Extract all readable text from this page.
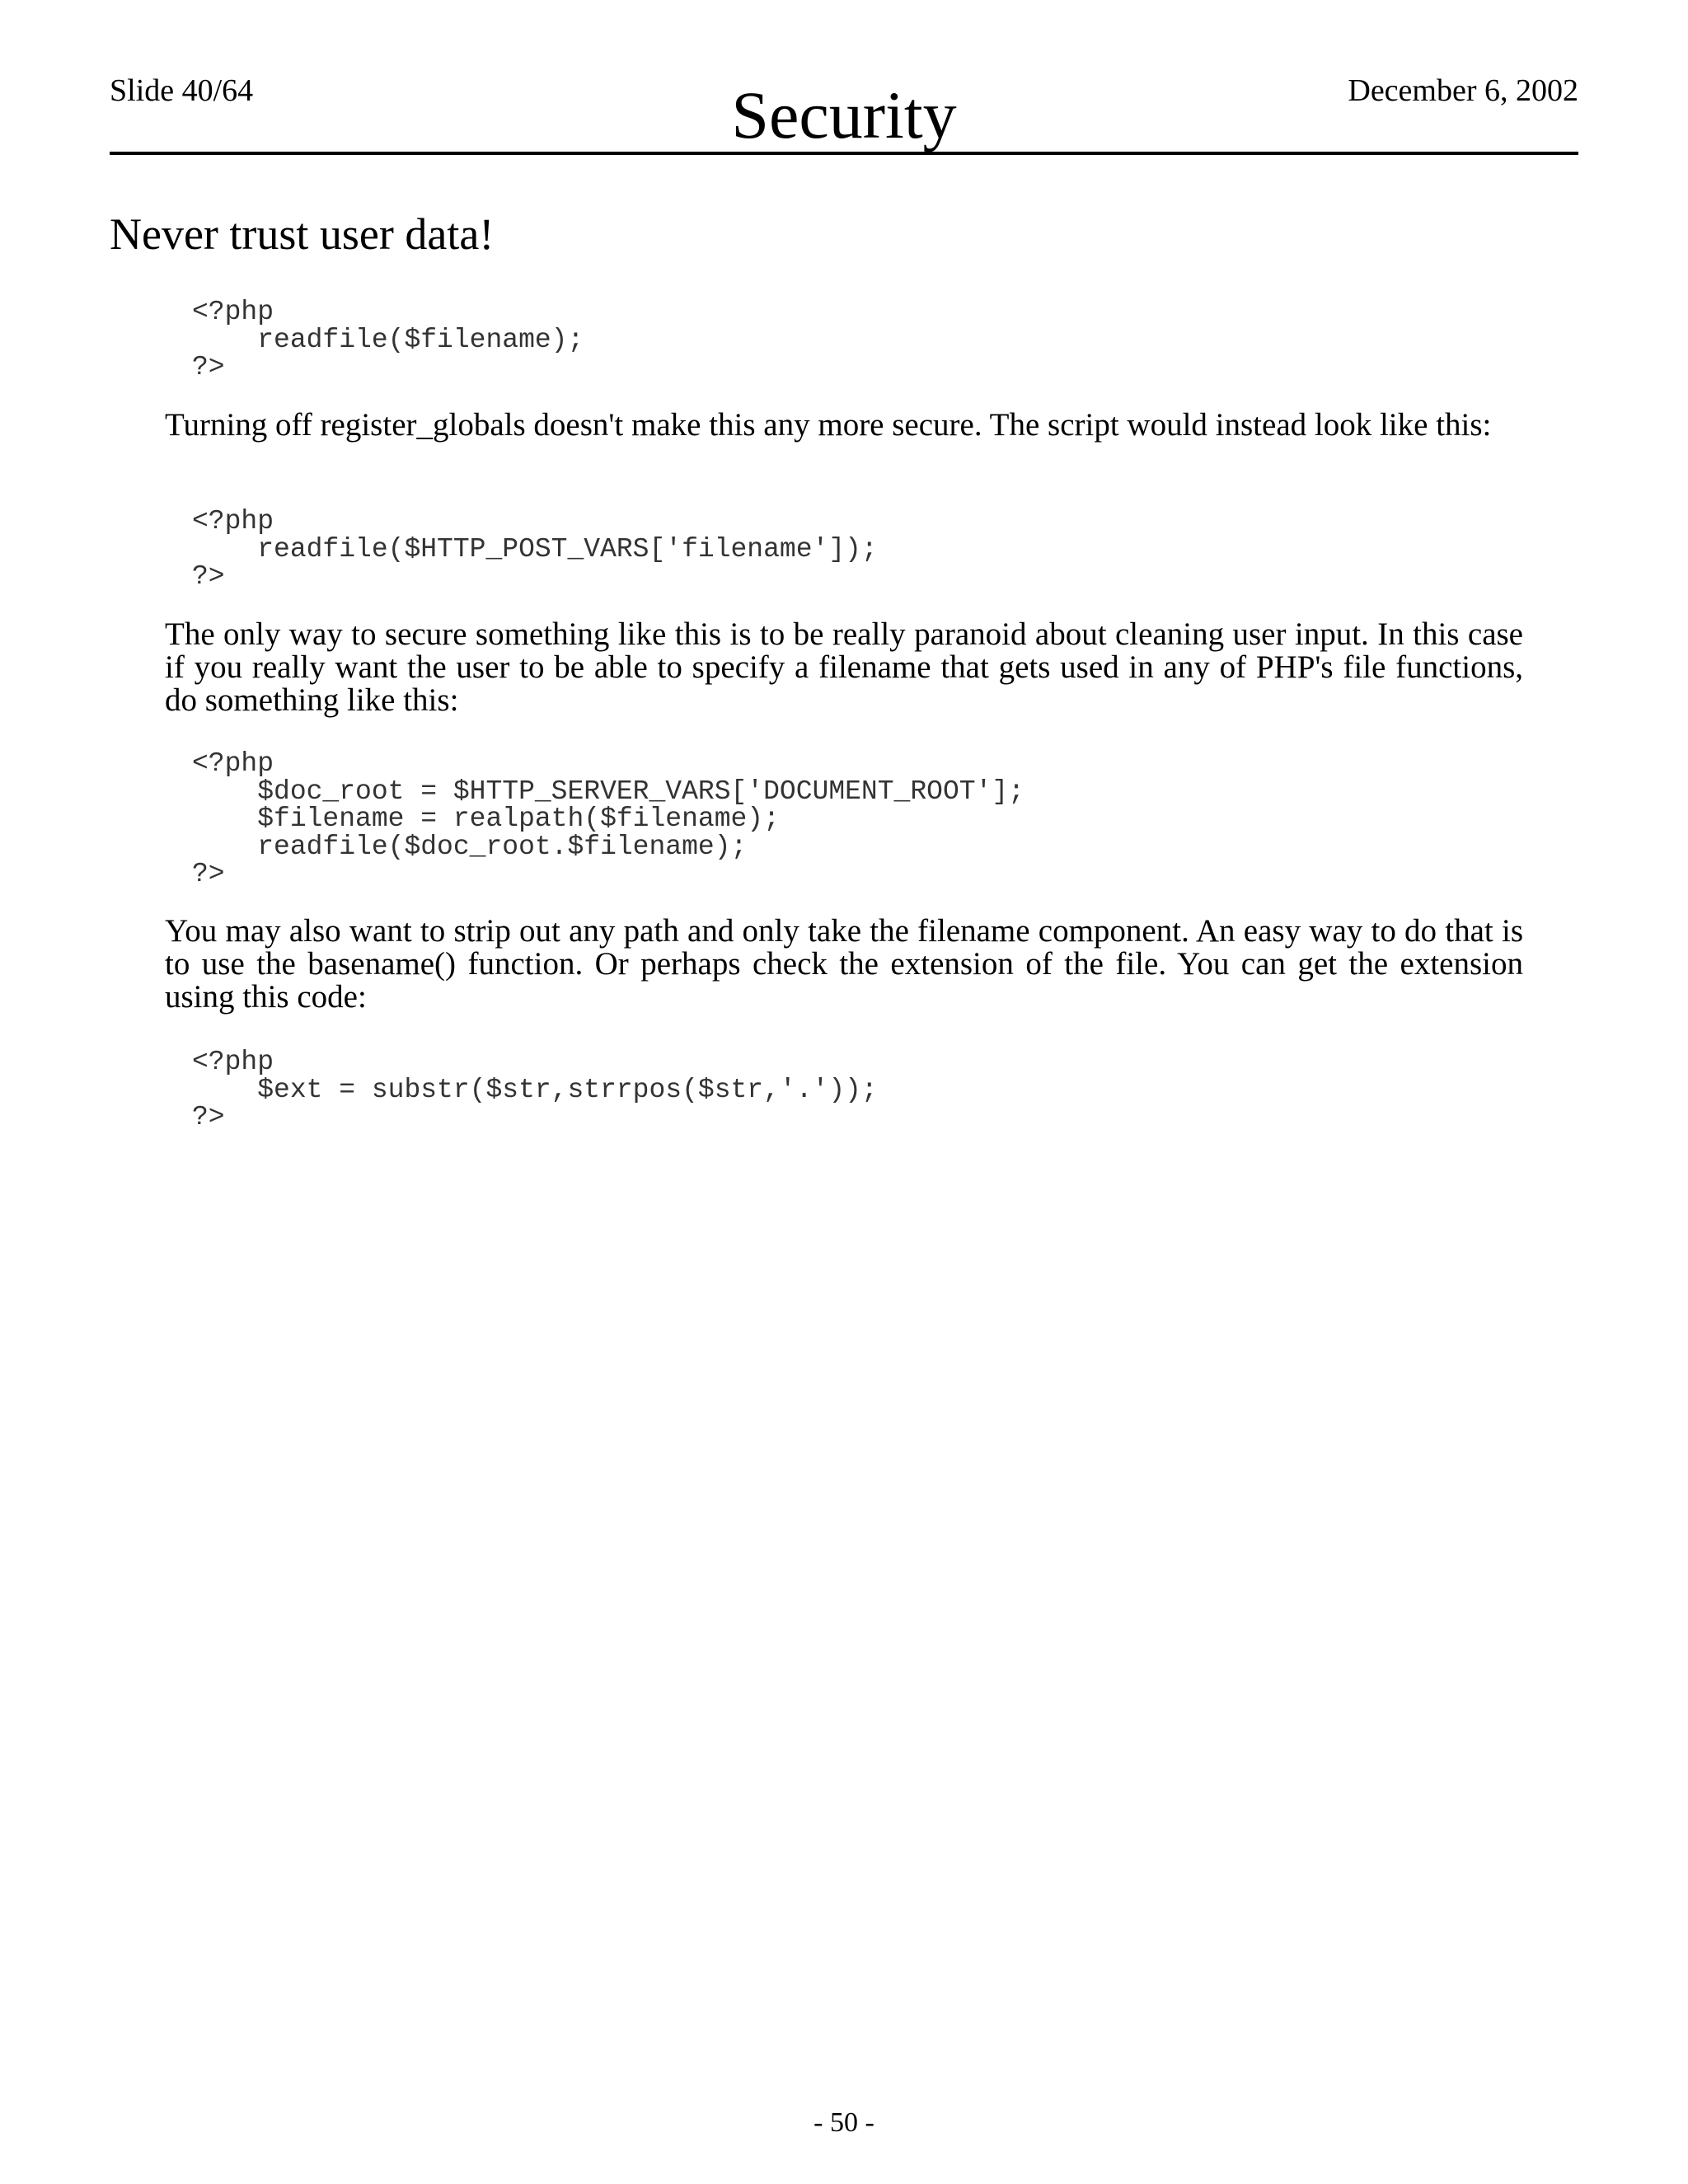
Slide 40/64	Security	December 6, 2002
Never trust user data!
<?php
readfile($filename);
?>

Turning off register_globals doesn't make this any more secure. The script would instead look like this:

<?php
readfile($HTTP_POST_VARS['filename']);
?>

The only way to secure something like this is to be really paranoid about cleaning user input. In this case if you really want the user to be able to specify a filename that gets used in any of PHP's file functions, do something like this:

<?php
$doc_root = $HTTP_SERVER_VARS['DOCUMENT_ROOT'];
$filename = realpath($filename);
readfile($doc_root.$filename);
?>

You may also want to strip out any path and only take the filename component. An easy way to do that is to use the basename() function. Or perhaps check the extension of the file. You can get the extension using this code:

<?php
$ext = substr($str,strrpos($str,'.'));
?>
- 50 -
